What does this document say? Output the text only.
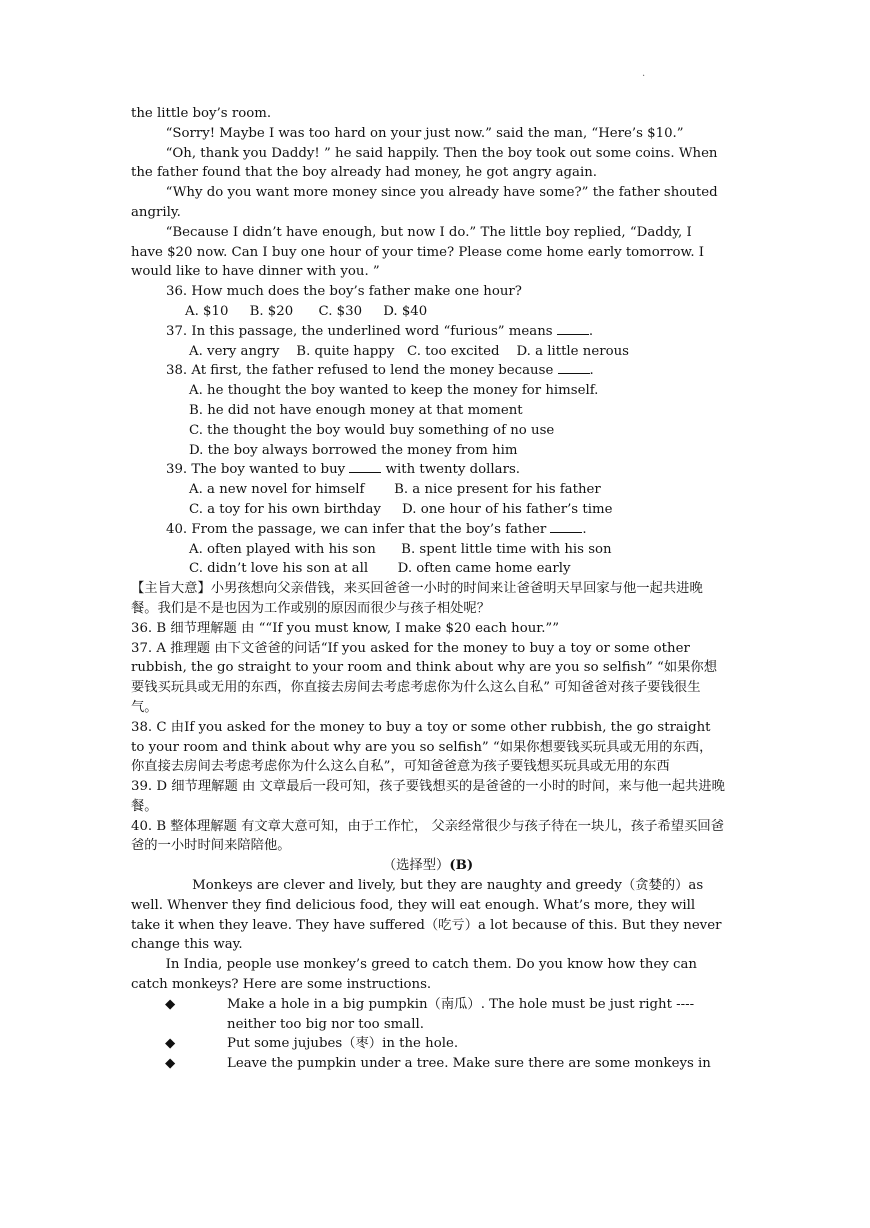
.

the little boy’s room.

“Sorry! Maybe I was too hard on your just now.” said the man, “Here’s $10.”

“Oh, thank you Daddy! ” he said happily. Then the boy took out some coins. When the father found that the boy already had money, he got angry again.

“Why do you want more money since you already have some?” the father shouted angrily.

“Because I didn’t have enough, but now I do.” The little boy replied, “Daddy, I have $20 now. Can I buy one hour of your time? Please come home early tomorrow. I would like to have dinner with you. ”

36. How much does the boy’s father make one hour?

A. $10     B. $20      C. $30     D. $40

37. In this passage, the underlined word “furious” means	.

A. very angry    B. quite happy   C. too excited    D. a little nerous

38. At first, the father refused to lend the money because	.

A. he thought the boy wanted to keep the money for himself.

B. he did not have enough money at that moment

C. the thought the boy would buy something of no use

D. the boy always borrowed the money from him

39. The boy wanted to buy	with twenty dollars.

A. a new novel for himself       B. a nice present for his father

C. a toy for his own birthday     D. one hour of his father’s time

40. From the passage, we can infer that the boy’s father	.

A. often played with his son      B. spent little time with his son

C. didn’t love his son at all       D. often came home early

【主旨大意】小男孩想向父亲借钱，来买回爸爸一小时的时间来让爸爸明天早回家与他一起共进晚餐。我们是不是也因为工作或别的原因而很少与孩子相处呢？

36. B 细节理解题 由 ““If you must know, I make $20 each hour.””

37. A 推理题 由下文爸爸的问话“If you asked for the money to buy a toy or some other rubbish, the go straight to your room and think about why are you so selfish” “如果你想要钱买玩具或无用的东西，你直接去房间去考虑考虑你为什么这么自私” 可知爸爸对孩子要钱很生气。

38. C 由If you asked for the money to buy a toy or some other rubbish, the go straight to your room and think about why are you so selfish” “如果你想要钱买玩具或无用的东西，你直接去房间去考虑考虑你为什么这么自私”，可知爸爸意为孩子要钱想买玩具或无用的东西

39. D 细节理解题 由 文章最后一段可知，孩子要钱想买的是爸爸的一小时的时间，来与他一起共进晚餐。

40. B 整体理解题 有文章大意可知，由于工作忙， 父亲经常很少与孩子待在一块儿，孩子希望买回爸爸的一小时时间来陪陪他。

（选择型）(B)

Monkeys are clever and lively, but they are naughty and greedy（贪婪的）as well. Whenver they find delicious food, they will eat enough. What’s more, they will take it when they leave. They have suffered（吃亏）a lot because of this. But they never change this way.

In India, people use monkey’s greed to catch them. Do you know how they can catch monkeys? Here are some instructions.

◆	Make a hole in a big pumpkin（南瓜）. The hole must be just right ----neither too big nor too small.
◆	Put some jujubes（枣）in the hole.
◆	Leave the pumpkin under a tree. Make sure there are some monkeys in
